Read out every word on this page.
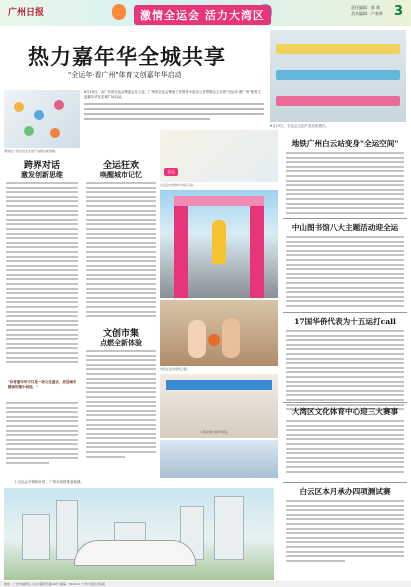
广州日报	激情全运会 活力大湾区
责任编辑：陈 敏
美术编辑：卢家辉 3
热力嘉年华全城共享
"全运年·看广州"体育文创嘉年华启动
8月15日，全运会文创产品亮相展出。
8月15日，由广东省全运会筹委会办公室、广州市全运会筹备工作领导小组办公室等联合主办的"全运年·看广州"体育文创嘉年华在花城广场启动。
游客在广州全运会文创产品展台前选购。
跨界对话
激发创新思维
"体育嘉年华不仅是一场文化盛会，更是城市精神的集中展现。"
全运狂欢
唤醒城市记忆
文创市集
点燃全新体验
全运
全运会吉祥物与市民互动。
市民在活动现场合影。
小朋友参与体育游戏。
地铁广州白云站变身"全运空间"
中山图书馆八大主题活动迎全运
17国华侨代表为十五运打call
大湾区文化体育中心迎三大赛事
白云区本月承办四项测试赛
十五运会开幕倒计时，广州各场馆准备就绪。
地址：广州市越秀区人民中路同乐路10号 邮编：510121 广州日报报业集团
